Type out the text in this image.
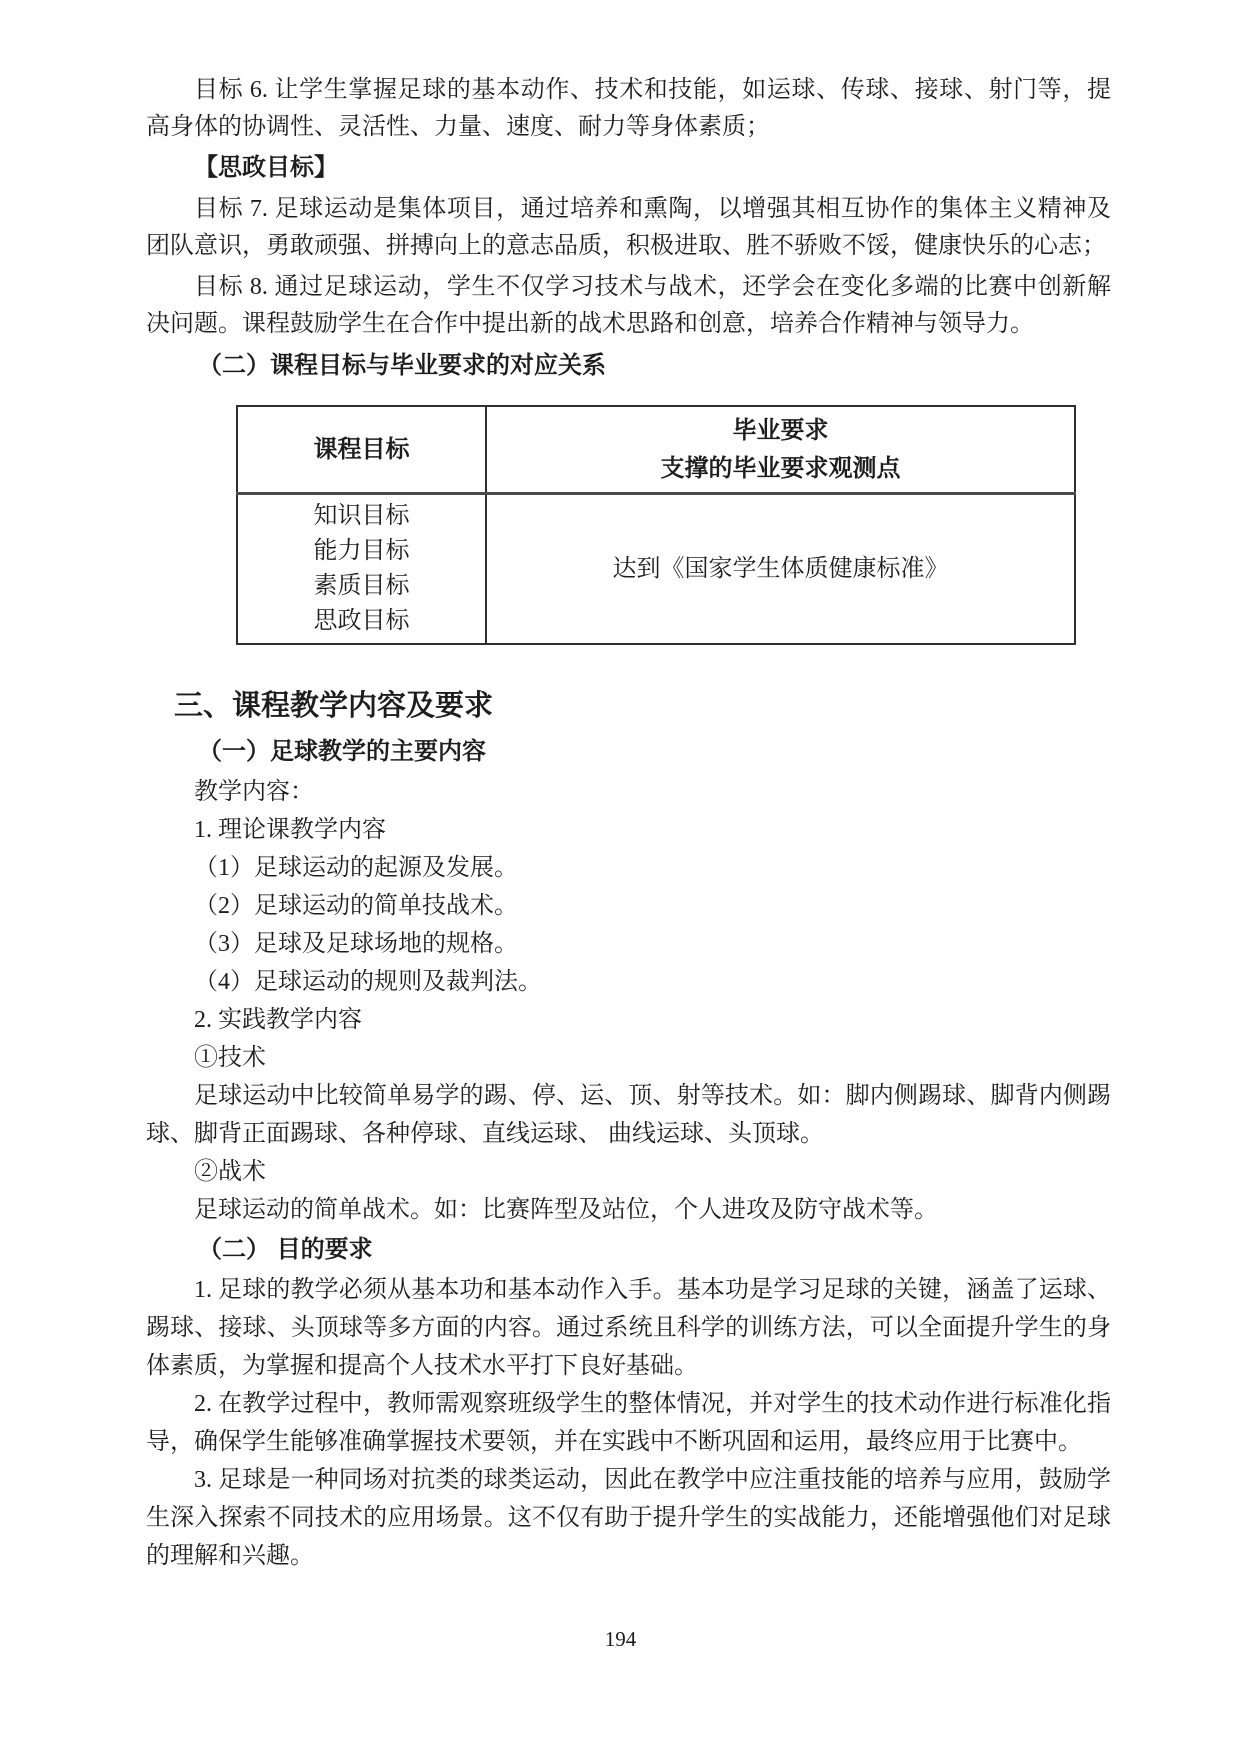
目标 6. 让学生掌握足球的基本动作、技术和技能，如运球、传球、接球、射门等，提高身体的协调性、灵活性、力量、速度、耐力等身体素质；

【思政目标】

目标 7. 足球运动是集体项目，通过培养和熏陶，以增强其相互协作的集体主义精神及团队意识，勇敢顽强、拼搏向上的意志品质，积极进取、胜不骄败不馁，健康快乐的心志；

目标 8. 通过足球运动，学生不仅学习技术与战术，还学会在变化多端的比赛中创新解决问题。课程鼓励学生在合作中提出新的战术思路和创意，培养合作精神与领导力。

（二）课程目标与毕业要求的对应关系

课程目标	毕业要求
支撑的毕业要求观测点

知识目标
能力目标
素质目标
思政目标	达到《国家学生体质健康标准》

三、课程教学内容及要求

（一）足球教学的主要内容

教学内容：

1. 理论课教学内容

（1）足球运动的起源及发展。

（2）足球运动的简单技战术。

（3）足球及足球场地的规格。

（4）足球运动的规则及裁判法。

2. 实践教学内容

①技术

足球运动中比较简单易学的踢、停、运、顶、射等技术。如：脚内侧踢球、脚背内侧踢球、脚背正面踢球、各种停球、直线运球、 曲线运球、头顶球。

②战术

足球运动的简单战术。如：比赛阵型及站位，个人进攻及防守战术等。

（二） 目的要求

1. 足球的教学必须从基本功和基本动作入手。基本功是学习足球的关键，涵盖了运球、踢球、接球、头顶球等多方面的内容。通过系统且科学的训练方法，可以全面提升学生的身体素质，为掌握和提高个人技术水平打下良好基础。

2. 在教学过程中，教师需观察班级学生的整体情况，并对学生的技术动作进行标准化指导，确保学生能够准确掌握技术要领，并在实践中不断巩固和运用，最终应用于比赛中。

3. 足球是一种同场对抗类的球类运动，因此在教学中应注重技能的培养与应用，鼓励学生深入探索不同技术的应用场景。这不仅有助于提升学生的实战能力，还能增强他们对足球的理解和兴趣。

194
